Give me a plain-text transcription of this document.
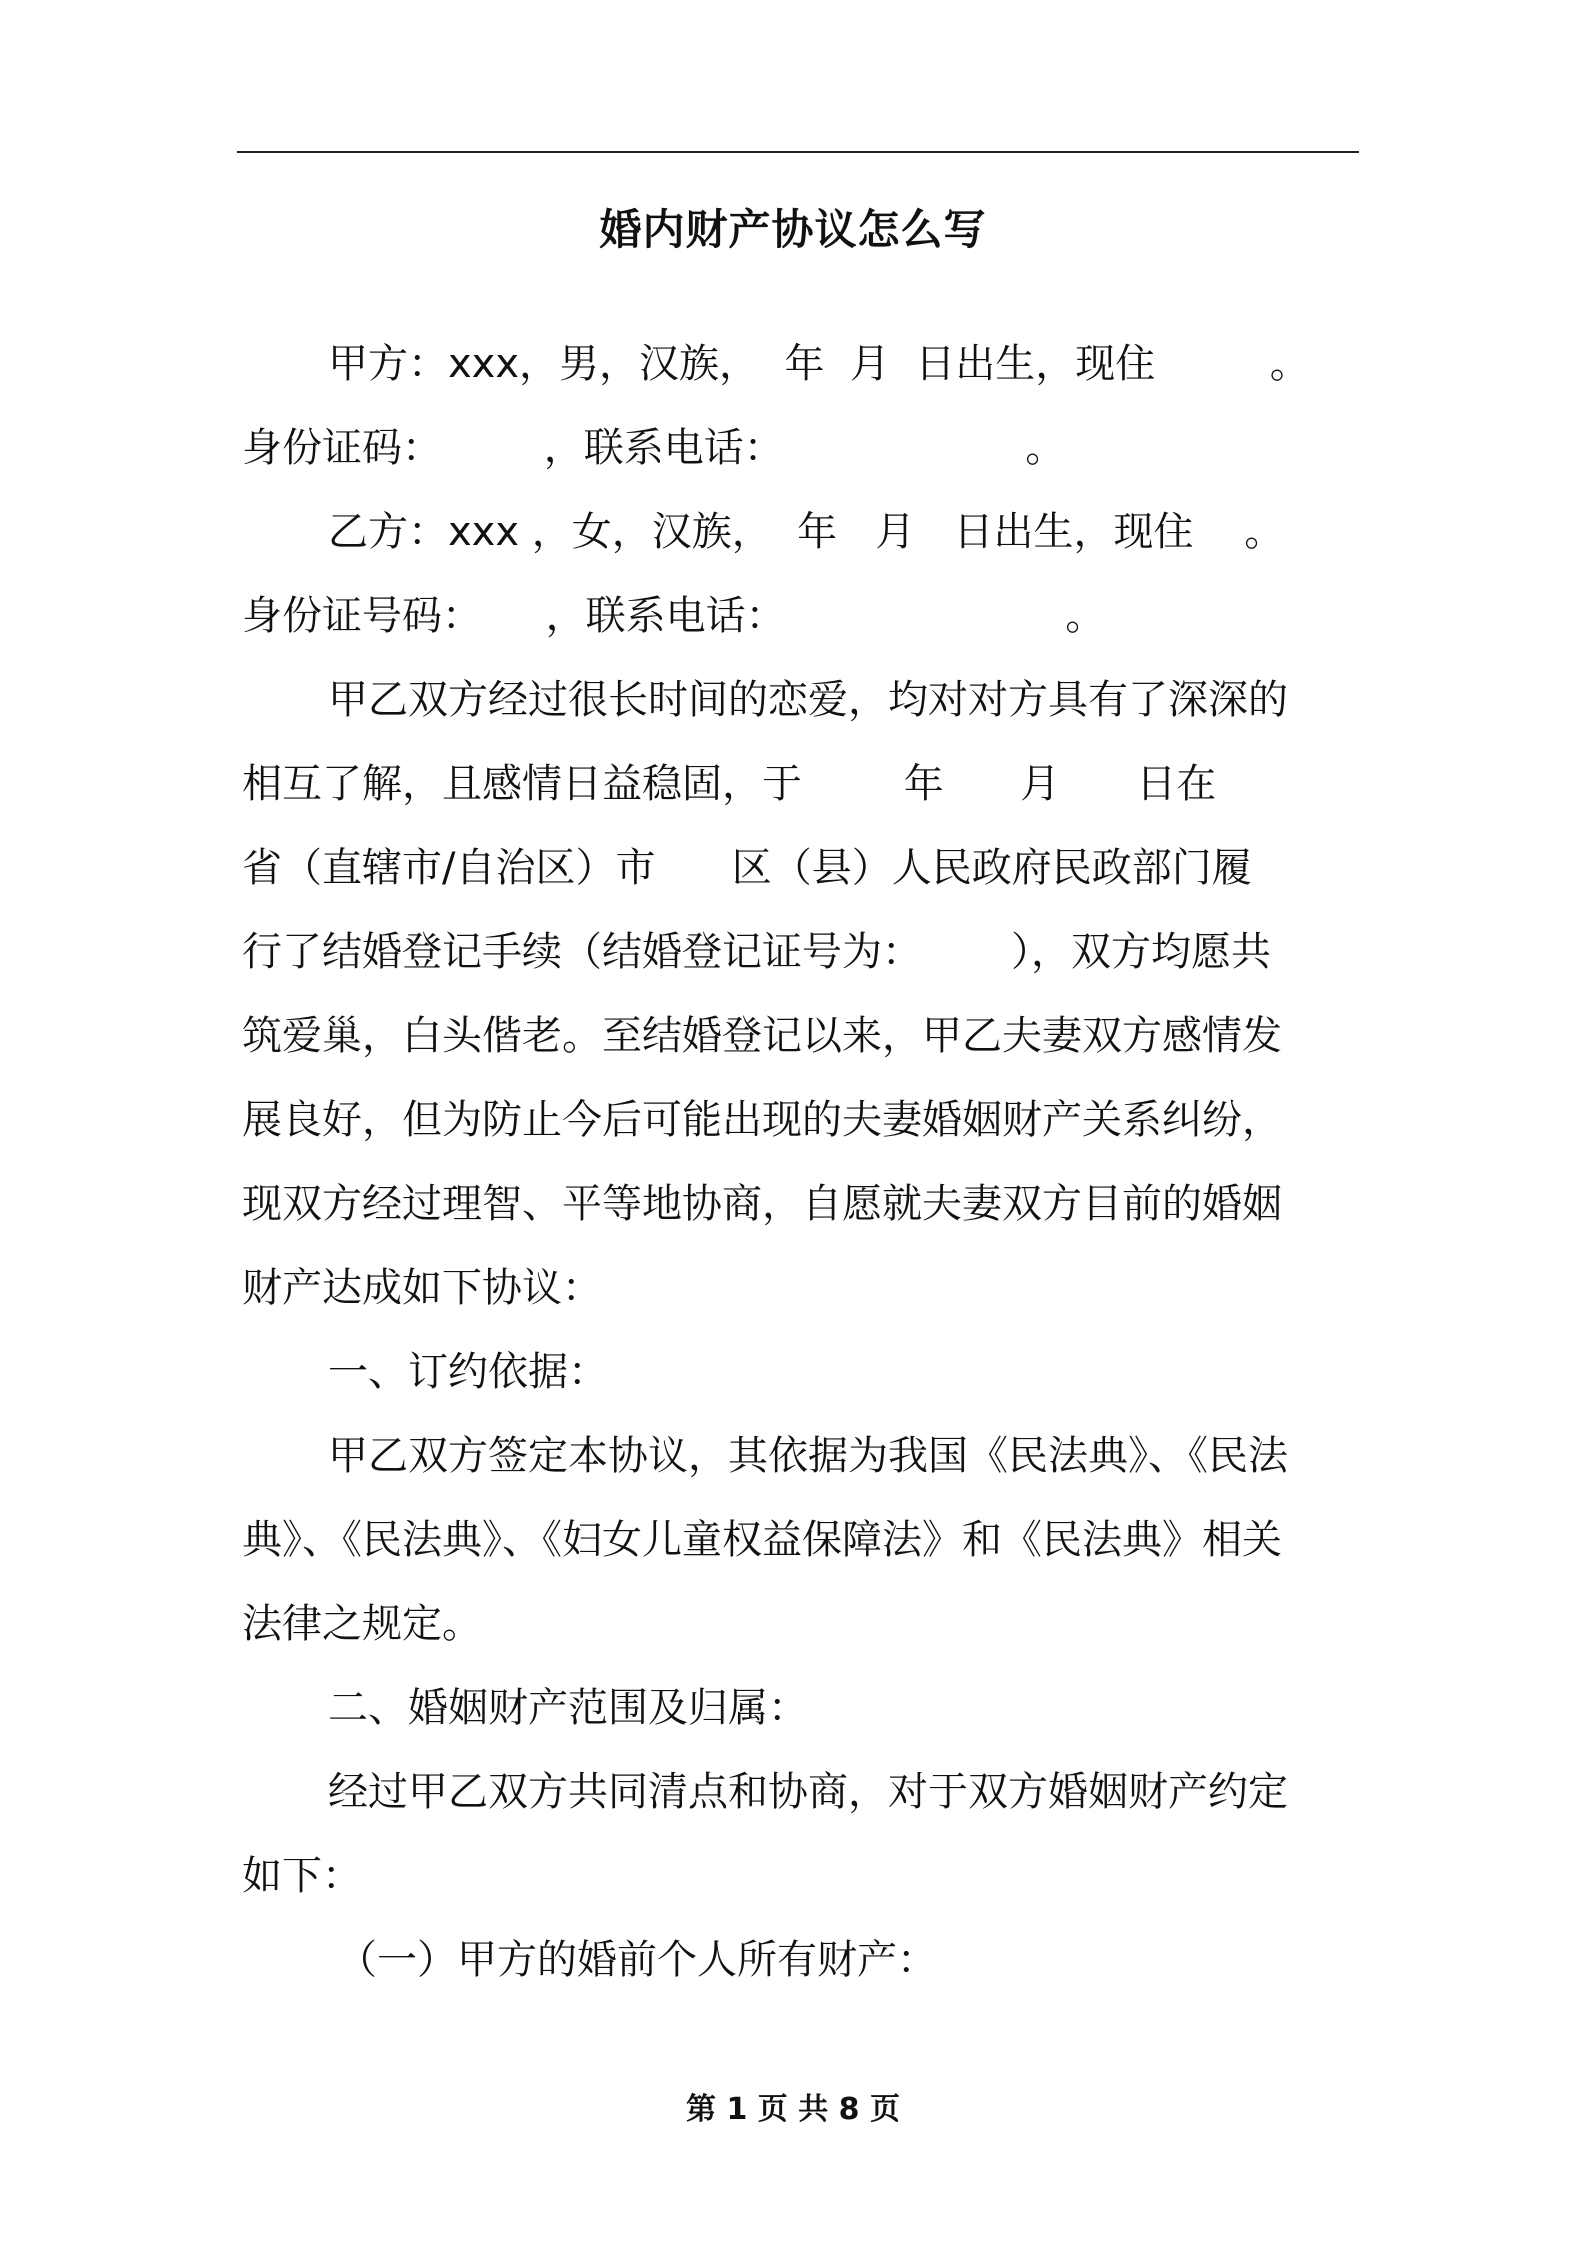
婚内财产协议怎么写
甲方：xxx，男，汉族，  年  月  日出生，现住         。
身份证码：        ，联系电话：                   。
乙方：xxx ，女，汉族，  年   月   日出生，现住    。
身份证号码：     ，联系电话：                      。
甲乙双方经过很长时间的恋爱，均对对方具有了深深的
相互了解，且感情日益稳固，于        年      月      日在
省（直辖市/自治区）市      区（县）人民政府民政部门履
行了结婚登记手续（结婚登记证号为：       ），双方均愿共
筑爱巢，白头偕老。至结婚登记以来，甲乙夫妻双方感情发
展良好，但为防止今后可能出现的夫妻婚姻财产关系纠纷，
现双方经过理智、平等地协商，自愿就夫妻双方目前的婚姻
财产达成如下协议：
一、订约依据：
甲乙双方签定本协议，其依据为我国《民法典》、《民法
典》、《民法典》、《妇女儿童权益保障法》和《民法典》相关
法律之规定。
二、婚姻财产范围及归属：
经过甲乙双方共同清点和协商，对于双方婚姻财产约定
如下：
（一）甲方的婚前个人所有财产：
第 1 页 共 8 页
